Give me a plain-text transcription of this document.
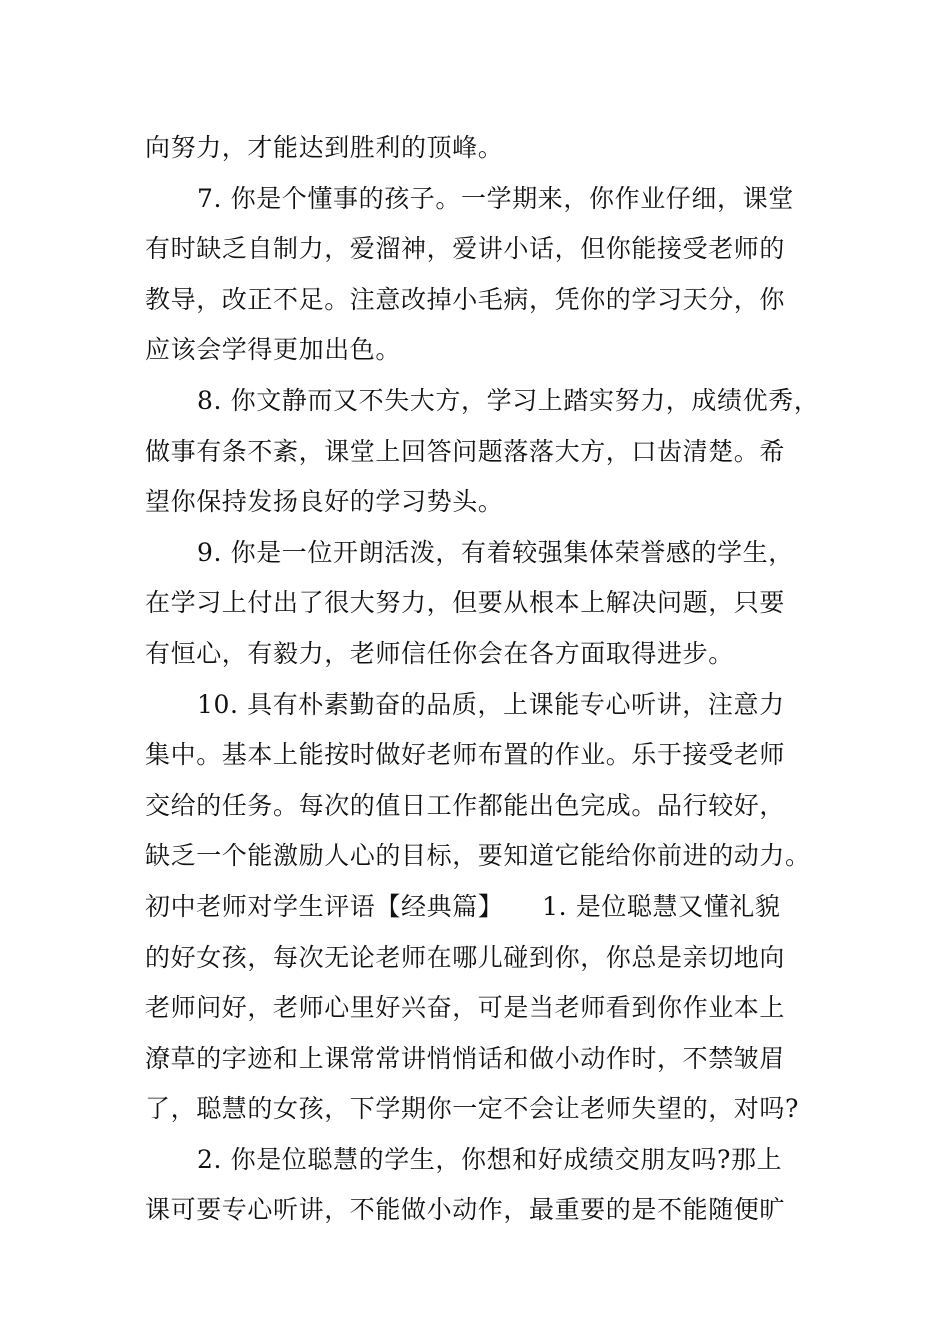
向努力，才能达到胜利的顶峰。
7. 你是个懂事的孩子。一学期来，你作业仔细，课堂
有时缺乏自制力，爱溜神，爱讲小话，但你能接受老师的
教导，改正不足。注意改掉小毛病，凭你的学习天分，你
应该会学得更加出色。
8. 你文静而又不失大方，学习上踏实努力，成绩优秀，
做事有条不紊，课堂上回答问题落落大方，口齿清楚。希
望你保持发扬良好的学习势头。
9. 你是一位开朗活泼，有着较强集体荣誉感的学生，
在学习上付出了很大努力，但要从根本上解决问题，只要
有恒心，有毅力，老师信任你会在各方面取得进步。
10. 具有朴素勤奋的品质，上课能专心听讲，注意力
集中。基本上能按时做好老师布置的作业。乐于接受老师
交给的任务。每次的值日工作都能出色完成。品行较好，
缺乏一个能激励人心的目标，要知道它能给你前进的动力。
初中老师对学生评语【经典篇】　　1. 是位聪慧又懂礼貌
的好女孩，每次无论老师在哪儿碰到你，你总是亲切地向
老师问好，老师心里好兴奋，可是当老师看到你作业本上
潦草的字迹和上课常常讲悄悄话和做小动作时，不禁皱眉
了，聪慧的女孩，下学期你一定不会让老师失望的，对吗?
2. 你是位聪慧的学生，你想和好成绩交朋友吗?那上
课可要专心听讲，不能做小动作，最重要的是不能随便旷
